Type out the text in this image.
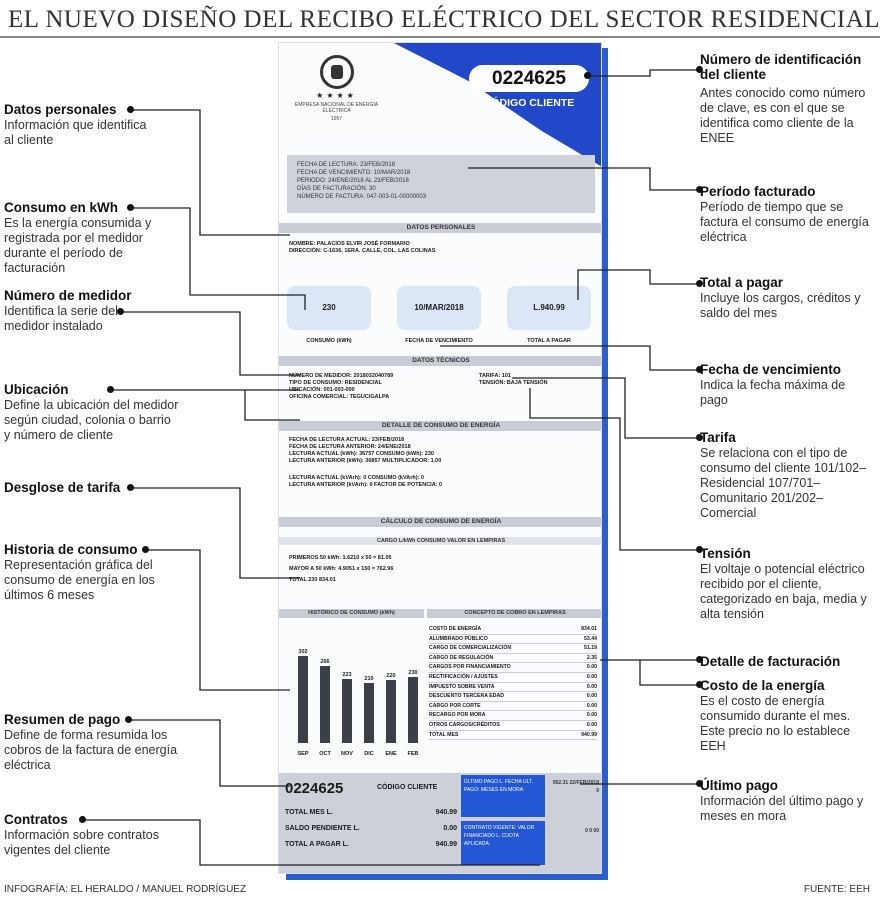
EL NUEVO DISEÑO DEL RECIBO ELÉCTRICO DEL SECTOR RESIDENCIAL
0224625
CÓDIGO CLIENTE
★★★★
EMPRESA NACIONAL DE ENERGÍA ELÉCTRICA
1957
FECHA DE LECTURA: 23/FEB/2018
FECHA DE VENCIMIENTO: 10/MAR/2018
PERIODO: 24/ENE/2018 AL 23/FEB/2018
DÍAS DE FACTURACIÓN: 30
NÚMERO DE FACTURA: 047-003-01-00000003
DATOS PERSONALES
NOMBRE: PALACIOS ELVIR JOSÉ FORMARIO
DIRECCIÓN: C-1636, 1ERA. CALLE, COL. LAS COLINAS
230	10/MAR/2018	L.940.99
CONSUMO (kWh)	FECHA DE VENCIMIENTO	TOTAL A PAGAR
DATOS TÉCNICOS
NÚMERO DE MEDIDOR: 2018032040789
TIPO DE CONSUMO: RESIDENCIAL
UBICACIÓN: 001-003-000
OFICINA COMERCIAL: TEGUCIGALPA
TARIFA: 101
TENSIÓN: BAJA TENSIÓN
DETALLE DE CONSUMO DE ENERGÍA
FECHA DE LECTURA ACTUAL: 23/FEB/2018
FECHA DE LECTURA ANTERIOR: 24/ENE/2018
LECTURA ACTUAL (kWh): 36757 CONSUMO (kWh): 230
LECTURA ANTERIOR (kWh): 36857 MULTIPLICADOR: 1.00
LECTURA ACTUAL (kVArh): 0 CONSUMO (kVArh): 0
LECTURA ANTERIOR (kVArh): 0 FACTOR DE POTENCIA: 0
CÁLCULO DE CONSUMO DE ENERGÍA
CARGO L/kWh CONSUMO VALOR EN LEMPIRAS
PRIMEROS 50 kWh: 1.6210 x 50 = 81.05
MAYOR A 50 kWh: 4.9051 x 150 = 762.96
TOTAL 230 834.01
HISTÓRICO DE CONSUMO (kWh)	CONCEPTO DE COBRO EN LEMPIRAS
302
SEP
266
OCT
223
NOV
210
DIC
220
ENE
230
FEB
COSTO DE ENERGÍA	834.01
ALUMBRADO PÚBLICO	53.44
CARGO DE COMERCIALIZACIÓN	51.19
CARGO DE REGULACIÓN	2.35
CARGOS POR FINANCIAMIENTO	0.00
RECTIFICACIÓN / AJUSTES	0.00
IMPUESTO SOBRE VENTA	0.00
DESCUENTO TERCERA EDAD	0.00
CARGO POR CORTE	0.00
RECARGO POR MORA	0.00
OTROS CARGOS/CRÉDITOS	0.00
TOTAL MES	940.99
0224625	CÓDIGO CLIENTE
ÚLTIMO PAGO L. FECHA ULT. PAGO: MESES EN MORA:
952.31 22/FEB/2018 0
CONTRATO VIGENTE: VALOR FINANCIADO L. CUOTA APLICADA:
0 0 00
TOTAL MES L.	940.99
SALDO PENDIENTE L.	0.00
TOTAL A PAGAR L.	940.99
Número de identificación del cliente
Antes conocido como número de clave, es con el que se identifica como cliente de la ENEE
Período facturado
Período de tiempo que se factura el consumo de energía eléctrica
Total a pagar
Incluye los cargos, créditos y saldo del mes
Fecha de vencimiento
Indica la fecha máxima de pago
Tarifa
Se relaciona con el tipo de consumo del cliente 101/102–Residencial 107/701–Comunitario 201/202–Comercial
Tensión
El voltaje o potencial eléctrico recibido por el cliente, categorizado en baja, media y alta tensión
Detalle de facturación
Costo de la energía
Es el costo de energía consumido durante el mes. Este precio no lo establece EEH
Último pago
Información del último pago y meses en mora
Datos personales
Información que identifica al cliente
Consumo en kWh
Es la energía consumida y registrada por el medidor durante el período de facturación
Número de medidor
Identifica la serie del medidor instalado
Ubicación
Define la ubicación del medidor según ciudad, colonia o barrio y número de cliente
Desglose de tarifa
Historia de consumo
Representación gráfica del consumo de energía en los últimos 6 meses
Resumen de pago
Define de forma resumida los cobros de la factura de energía eléctrica
Contratos
Información sobre contratos vigentes del cliente
INFOGRAFÍA: EL HERALDO / MANUEL RODRÍGUEZ	FUENTE: EEH
